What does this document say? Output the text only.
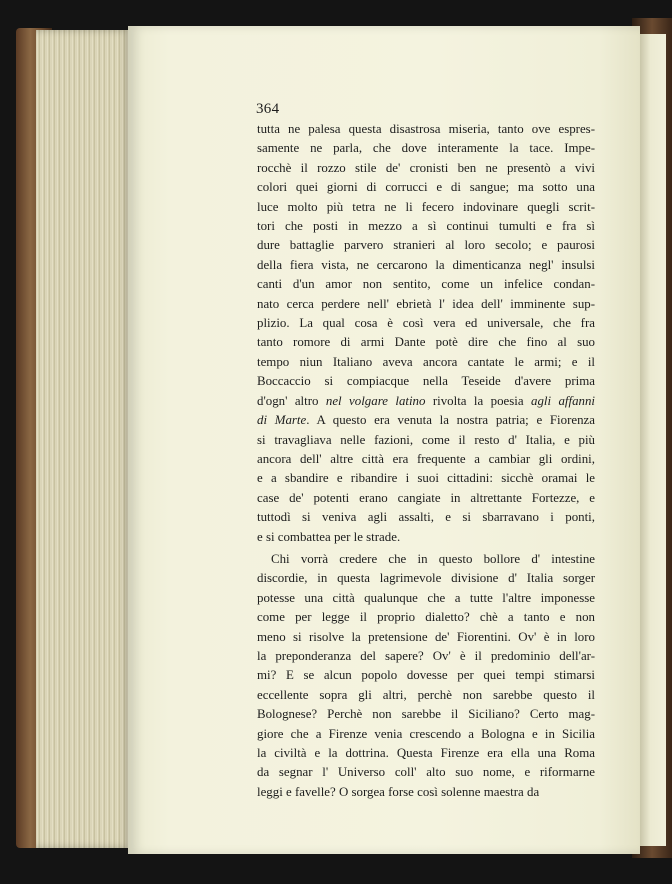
364
tutta ne palesa questa disastrosa miseria, tanto ove espres-
samente ne parla, che dove interamente la tace. Impe-
rocchè il rozzo stile de' cronisti ben ne presentò a vivi
colori quei giorni di corrucci e di sangue; ma sotto una
luce molto più tetra ne li fecero indovinare quegli scrit-
tori che posti in mezzo a sì continui tumulti e fra sì
dure battaglie parvero stranieri al loro secolo; e paurosi
della fiera vista, ne cercarono la dimenticanza negl' insulsi
canti d'un amor non sentito, come un infelice condan-
nato cerca perdere nell' ebrietà l' idea dell' imminente sup-
plizio. La qual cosa è così vera ed universale, che fra
tanto romore di armi Dante potè dire che fino al suo
tempo niun Italiano aveva ancora cantate le armi; e il
Boccaccio si compiacque nella Teseide d'avere prima
d'ogn' altro nel volgare latino rivolta la poesia agli affanni
di Marte. A questo era venuta la nostra patria; e Fiorenza
si travagliava nelle fazioni, come il resto d' Italia, e più
ancora dell' altre città era frequente a cambiar gli ordini,
e a sbandire e ribandire i suoi cittadini: sicchè oramai le
case de' potenti erano cangiate in altrettante Fortezze, e
tuttodì si veniva agli assalti, e si sbarravano i ponti,
e si combattea per le strade.
Chi vorrà credere che in questo bollore d' intestine
discordie, in questa lagrimevole divisione d' Italia sorger
potesse una città qualunque che a tutte l'altre imponesse
come per legge il proprio dialetto? chè a tanto e non
meno si risolve la pretensione de' Fiorentini. Ov' è in loro
la preponderanza del sapere? Ov' è il predominio dell'ar-
mi? E se alcun popolo dovesse per quei tempi stimarsi
eccellente sopra gli altri, perchè non sarebbe questo il
Bolognese? Perchè non sarebbe il Siciliano? Certo mag-
giore che a Firenze venia crescendo a Bologna e in Sicilia
la civiltà e la dottrina. Questa Firenze era ella una Roma
da segnar l' Universo coll' alto suo nome, e riformarne
leggi e favelle? O sorgea forse così solenne maestra da
